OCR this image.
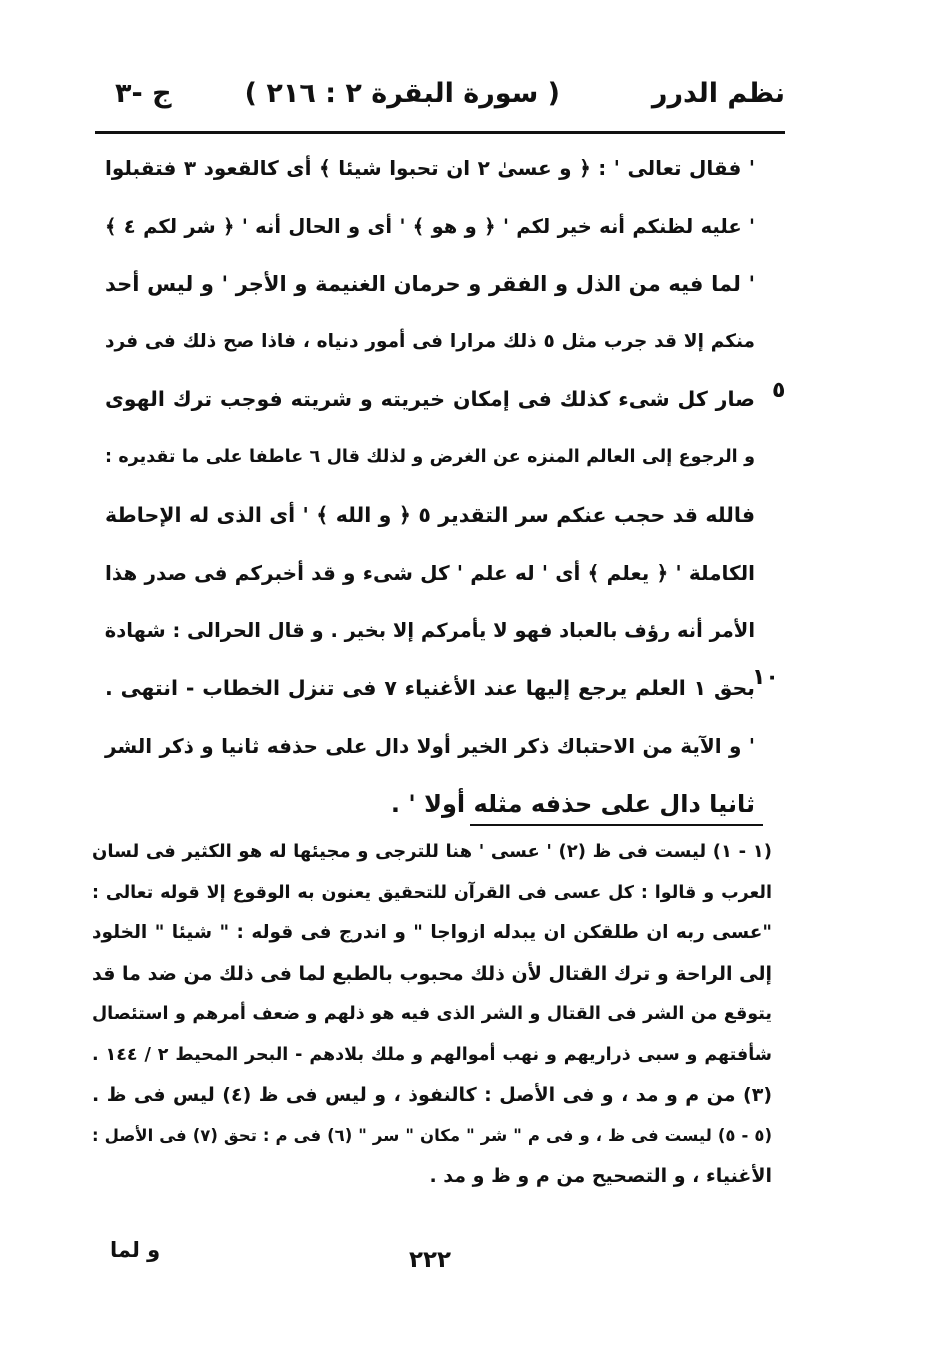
نظم الدرر
( سورة البقرة ٢ : ٢١٦ )
ج -٣
٥
١٠
' فقال تعالى ' : ﴿ و عسىٰ ٢ ان تحبوا شيئا ﴾ أى كالقعود ٣ فتقبلوا
' عليه لظنكم أنه خير لكم ' ﴿ و هو ﴾ ' أى و الحال أنه ' ﴿ شر لكم ٤ ﴾
' لما فيه من الذل و الفقر و حرمان الغنيمة و الأجر ' و ليس أحد
منكم إلا قد جرب مثل ٥ ذلك مرارا فى أمور دنياه ، فاذا صح ذلك فى فرد
صار كل شىء كذلك فى إمكان خيريته و شريته فوجب ترك الهوى
و الرجوع إلى العالم المنزه عن الغرض و لذلك قال ٦ عاطفا على ما تقديره :
فالله قد حجب عنكم سر التقدير ٥ ﴿ و الله ﴾ ' أى الذى له الإحاطة
الكاملة ' ﴿ يعلم ﴾ أى ' له علم ' كل شىء و قد أخبركم فى صدر هذا
الأمر أنه رؤف بالعباد فهو لا يأمركم إلا بخير . و قال الحرالى : شهادة
بحق ١ العلم يرجع إليها عند الأغنياء ٧ فى تنزل الخطاب - انتهى .
' و الآية من الاحتباك ذكر الخير أولا دال على حذفه ثانيا و ذكر الشر
ثانيا دال على حذفه مثله أولا ' .
(١ - ١) ليست فى ظ (٢) ' عسى ' هنا للترجى و مجيئها له هو الكثير فى لسان
العرب و قالوا : كل عسى فى القرآن للتحقيق يعنون به الوقوع إلا قوله تعالى :
"عسى ربه ان طلقكن ان يبدله ازواجا " و اندرج فى قوله : " شيئا " الخلود
إلى الراحة و ترك القتال لأن ذلك محبوب بالطبع لما فى ذلك من ضد ما قد
يتوقع من الشر فى القتال و الشر الذى فيه هو ذلهم و ضعف أمرهم و استئصال
شأفتهم و سبى ذراريهم و نهب أموالهم و ملك بلادهم - البحر المحيط ٢ / ١٤٤ .
(٣) من م و مد ، و فى الأصل : كالنفوذ ، و ليس فى ظ (٤) ليس فى ظ .
(٥ - ٥) ليست فى ظ ، و فى م " شر " مكان " سر " (٦) فى م : تحق (٧) فى الأصل :
الأغنياء ، و التصحيح من م و ظ و مد .
٢٢٢
و لما
